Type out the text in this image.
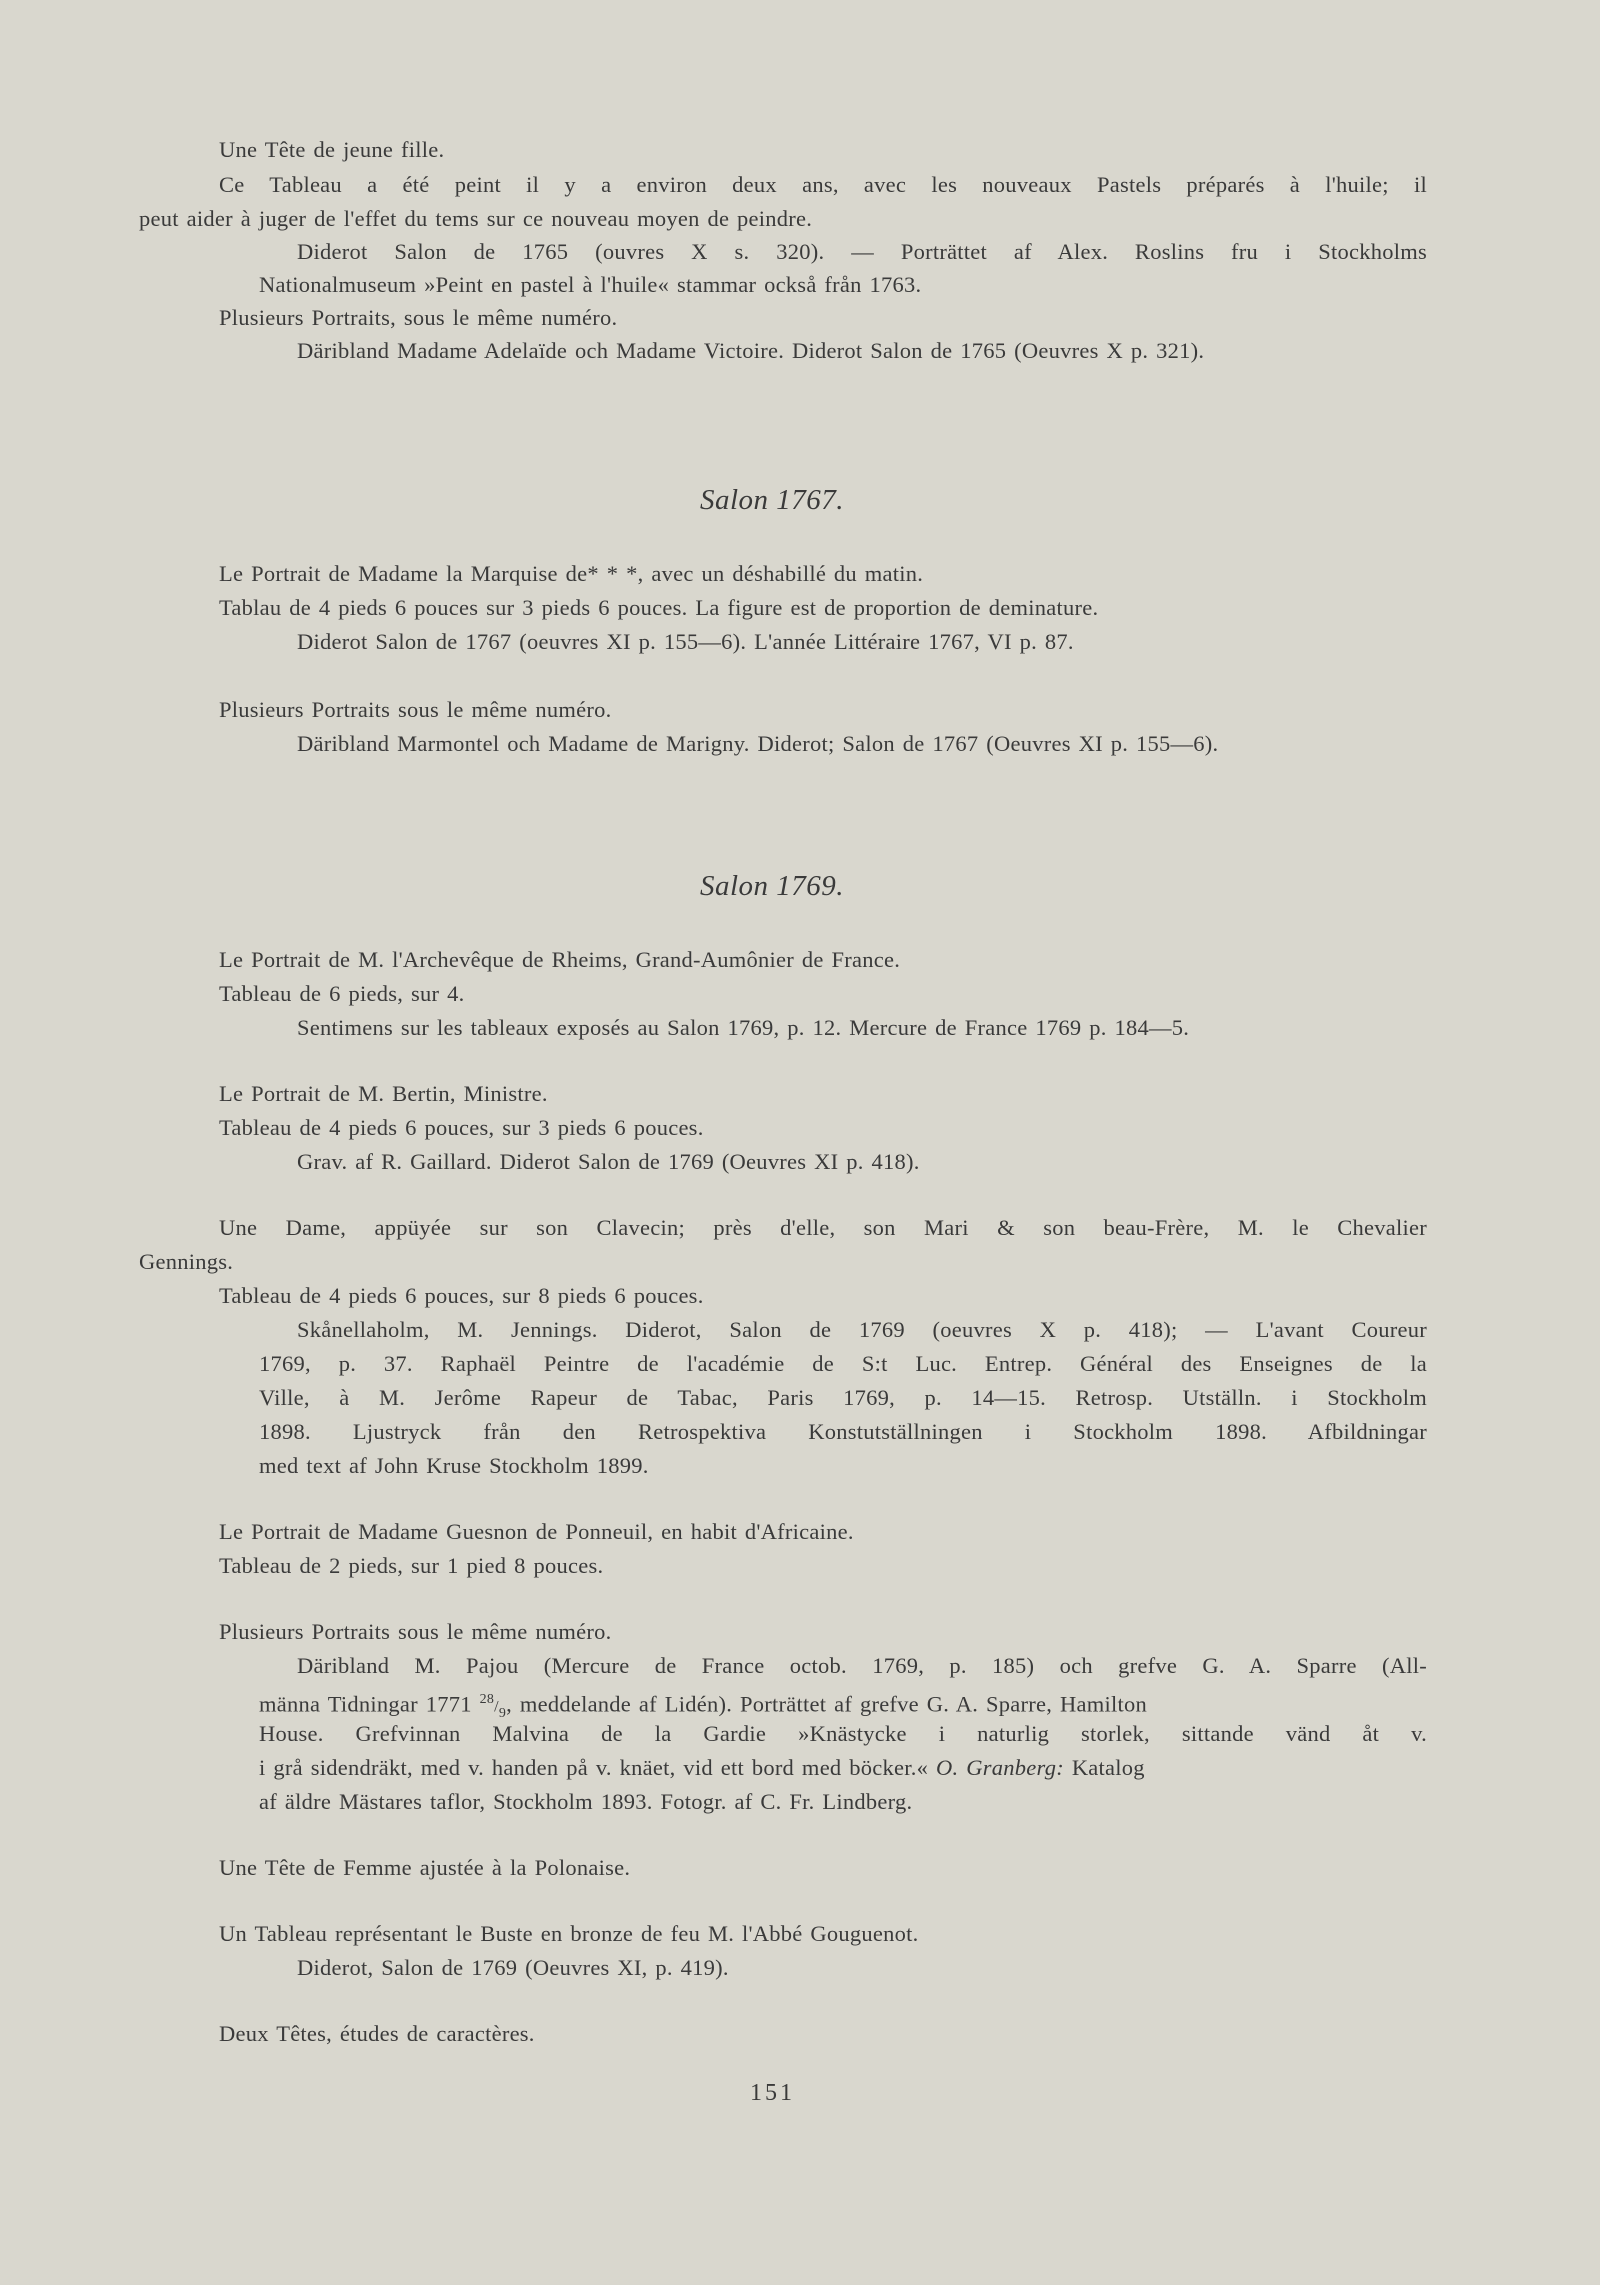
Une Tête de jeune fille.
Ce Tableau a été peint il y a environ deux ans, avec les nouveaux Pastels préparés à l'huile; il
peut aider à juger de l'effet du tems sur ce nouveau moyen de peindre.
Diderot Salon de 1765 (ouvres X s. 320). — Porträttet af Alex. Roslins fru i Stockholms
Nationalmuseum »Peint en pastel à l'huile« stammar också från 1763.
Plusieurs Portraits, sous le même numéro.
Däribland Madame Adelaïde och Madame Victoire. Diderot Salon de 1765 (Oeuvres X p. 321).
Salon 1767.
Le Portrait de Madame la Marquise de* * *, avec un déshabillé du matin.
Tablau de 4 pieds 6 pouces sur 3 pieds 6 pouces. La figure est de proportion de deminature.
Diderot Salon de 1767 (oeuvres XI p. 155—6). L'année Littéraire 1767, VI p. 87.
Plusieurs Portraits sous le même numéro.
Däribland Marmontel och Madame de Marigny. Diderot; Salon de 1767 (Oeuvres XI p. 155—6).
Salon 1769.
Le Portrait de M. l'Archevêque de Rheims, Grand-Aumônier de France.
Tableau de 6 pieds, sur 4.
Sentimens sur les tableaux exposés au Salon 1769, p. 12. Mercure de France 1769 p. 184—5.
Le Portrait de M. Bertin, Ministre.
Tableau de 4 pieds 6 pouces, sur 3 pieds 6 pouces.
Grav. af R. Gaillard. Diderot Salon de 1769 (Oeuvres XI p. 418).
Une Dame, appüyée sur son Clavecin; près d'elle, son Mari & son beau-Frère, M. le Chevalier
Gennings.
Tableau de 4 pieds 6 pouces, sur 8 pieds 6 pouces.
Skånellaholm, M. Jennings. Diderot, Salon de 1769 (oeuvres X p. 418); — L'avant Coureur
1769, p. 37. Raphaël Peintre de l'académie de S:t Luc. Entrep. Général des Enseignes de la
Ville, à M. Jerôme Rapeur de Tabac, Paris 1769, p. 14—15. Retrosp. Utställn. i Stockholm
1898. Ljustryck från den Retrospektiva Konstutställningen i Stockholm 1898. Afbildningar
med text af John Kruse Stockholm 1899.
Le Portrait de Madame Guesnon de Ponneuil, en habit d'Africaine.
Tableau de 2 pieds, sur 1 pied 8 pouces.
Plusieurs Portraits sous le même numéro.
Däribland M. Pajou (Mercure de France octob. 1769, p. 185) och grefve G. A. Sparre (All-
männa Tidningar 1771 $^{28}/_9$, meddelande af Lidén). Porträttet af grefve G. A. Sparre, Hamilton
House. Grefvinnan Malvina de la Gardie »Knästycke i naturlig storlek, sittande vänd åt v.
i grå sidendräkt, med v. handen på v. knäet, vid ett bord med böcker.« O. Granberg: Katalog
af äldre Mästares taflor, Stockholm 1893. Fotogr. af C. Fr. Lindberg.
Une Tête de Femme ajustée à la Polonaise.
Un Tableau représentant le Buste en bronze de feu M. l'Abbé Gouguenot.
Diderot, Salon de 1769 (Oeuvres XI, p. 419).
Deux Têtes, études de caractères.
151
